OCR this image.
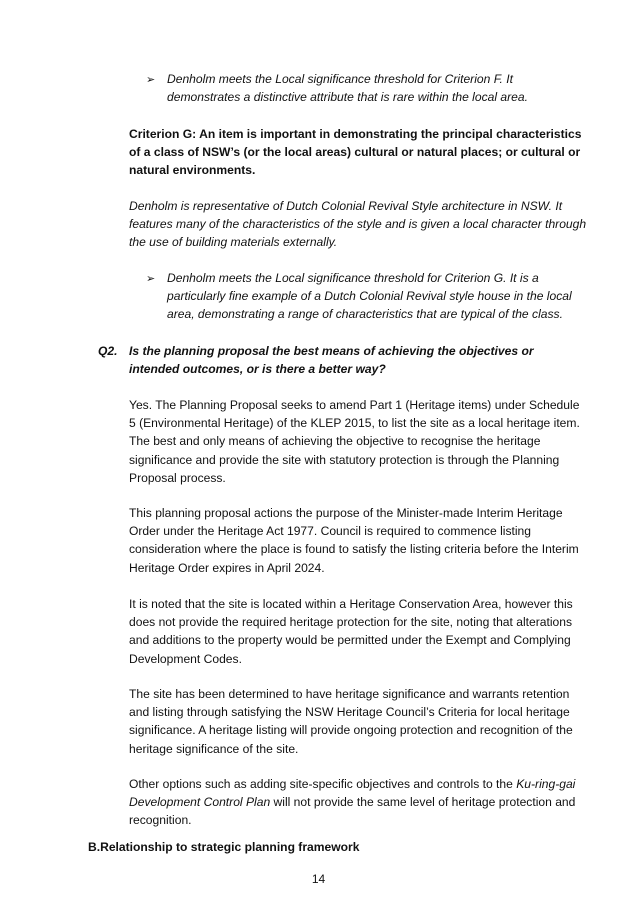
➢ Denholm meets the Local significance threshold for Criterion F. It demonstrates a distinctive attribute that is rare within the local area.

Criterion G: An item is important in demonstrating the principal characteristics of a class of NSW’s (or the local areas) cultural or natural places; or cultural or natural environments.

Denholm is representative of Dutch Colonial Revival Style architecture in NSW. It features many of the characteristics of the style and is given a local character through the use of building materials externally.

➢ Denholm meets the Local significance threshold for Criterion G. It is a particularly fine example of a Dutch Colonial Revival style house in the local area, demonstrating a range of characteristics that are typical of the class.

Q2. Is the planning proposal the best means of achieving the objectives or intended outcomes, or is there a better way?

Yes. The Planning Proposal seeks to amend Part 1 (Heritage items) under Schedule 5 (Environmental Heritage) of the KLEP 2015, to list the site as a local heritage item. The best and only means of achieving the objective to recognise the heritage significance and provide the site with statutory protection is through the Planning Proposal process.

This planning proposal actions the purpose of the Minister-made Interim Heritage Order under the Heritage Act 1977. Council is required to commence listing consideration where the place is found to satisfy the listing criteria before the Interim Heritage Order expires in April 2024.

It is noted that the site is located within a Heritage Conservation Area, however this does not provide the required heritage protection for the site, noting that alterations and additions to the property would be permitted under the Exempt and Complying Development Codes.

The site has been determined to have heritage significance and warrants retention and listing through satisfying the NSW Heritage Council’s Criteria for local heritage significance. A heritage listing will provide ongoing protection and recognition of the heritage significance of the site.

Other options such as adding site-specific objectives and controls to the Ku-ring-gai Development Control Plan will not provide the same level of heritage protection and recognition.

B.Relationship to strategic planning framework

14
